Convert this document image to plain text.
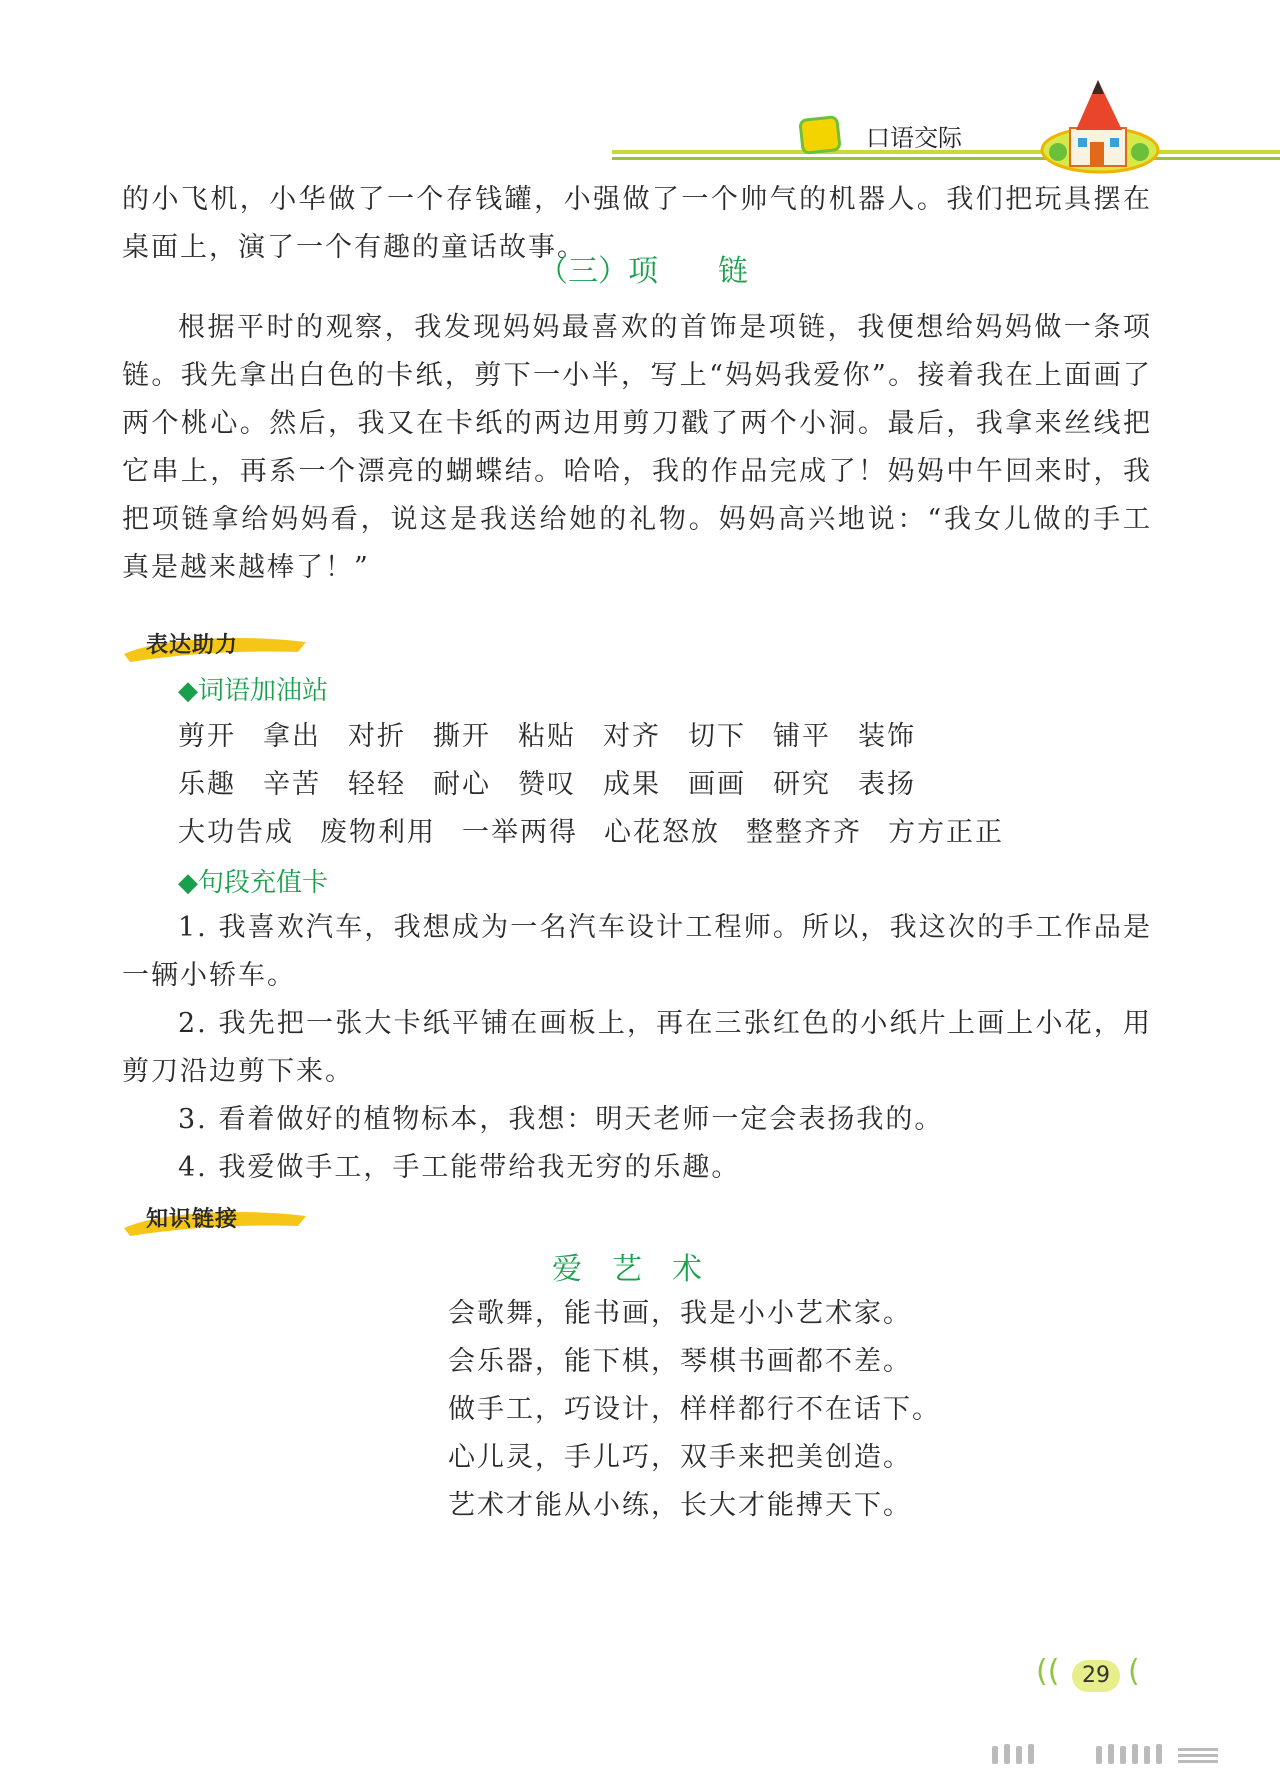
口语交际
的小飞机，小华做了一个存钱罐，小强做了一个帅气的机器人。我们把玩具摆在桌面上，演了一个有趣的童话故事。
（三）项　　链
根据平时的观察，我发现妈妈最喜欢的首饰是项链，我便想给妈妈做一条项链。我先拿出白色的卡纸，剪下一小半，写上“妈妈我爱你”。接着我在上面画了两个桃心。然后，我又在卡纸的两边用剪刀戳了两个小洞。最后，我拿来丝线把它串上，再系一个漂亮的蝴蝶结。哈哈，我的作品完成了！妈妈中午回来时，我把项链拿给妈妈看，说这是我送给她的礼物。妈妈高兴地说：“我女儿做的手工真是越来越棒了！”
表达助力
◆词语加油站
剪开	拿出	对折	撕开	粘贴	对齐	切下	铺平	装饰
乐趣	辛苦	轻轻	耐心	赞叹	成果	画画	研究	表扬
大功告成 废物利用 一举两得 心花怒放 整整齐齐 方方正正
◆句段充值卡
1. 我喜欢汽车，我想成为一名汽车设计工程师。所以，我这次的手工作品是一辆小轿车。
2. 我先把一张大卡纸平铺在画板上，再在三张红色的小纸片上画上小花，用剪刀沿边剪下来。
3. 看着做好的植物标本，我想：明天老师一定会表扬我的。
4. 我爱做手工，手工能带给我无穷的乐趣。
知识链接
爱　艺　术
会歌舞，能书画，我是小小艺术家。
会乐器，能下棋，琴棋书画都不差。
做手工，巧设计，样样都行不在话下。
心儿灵，手儿巧，双手来把美创造。
艺术才能从小练，长大才能搏天下。
((	29 (
